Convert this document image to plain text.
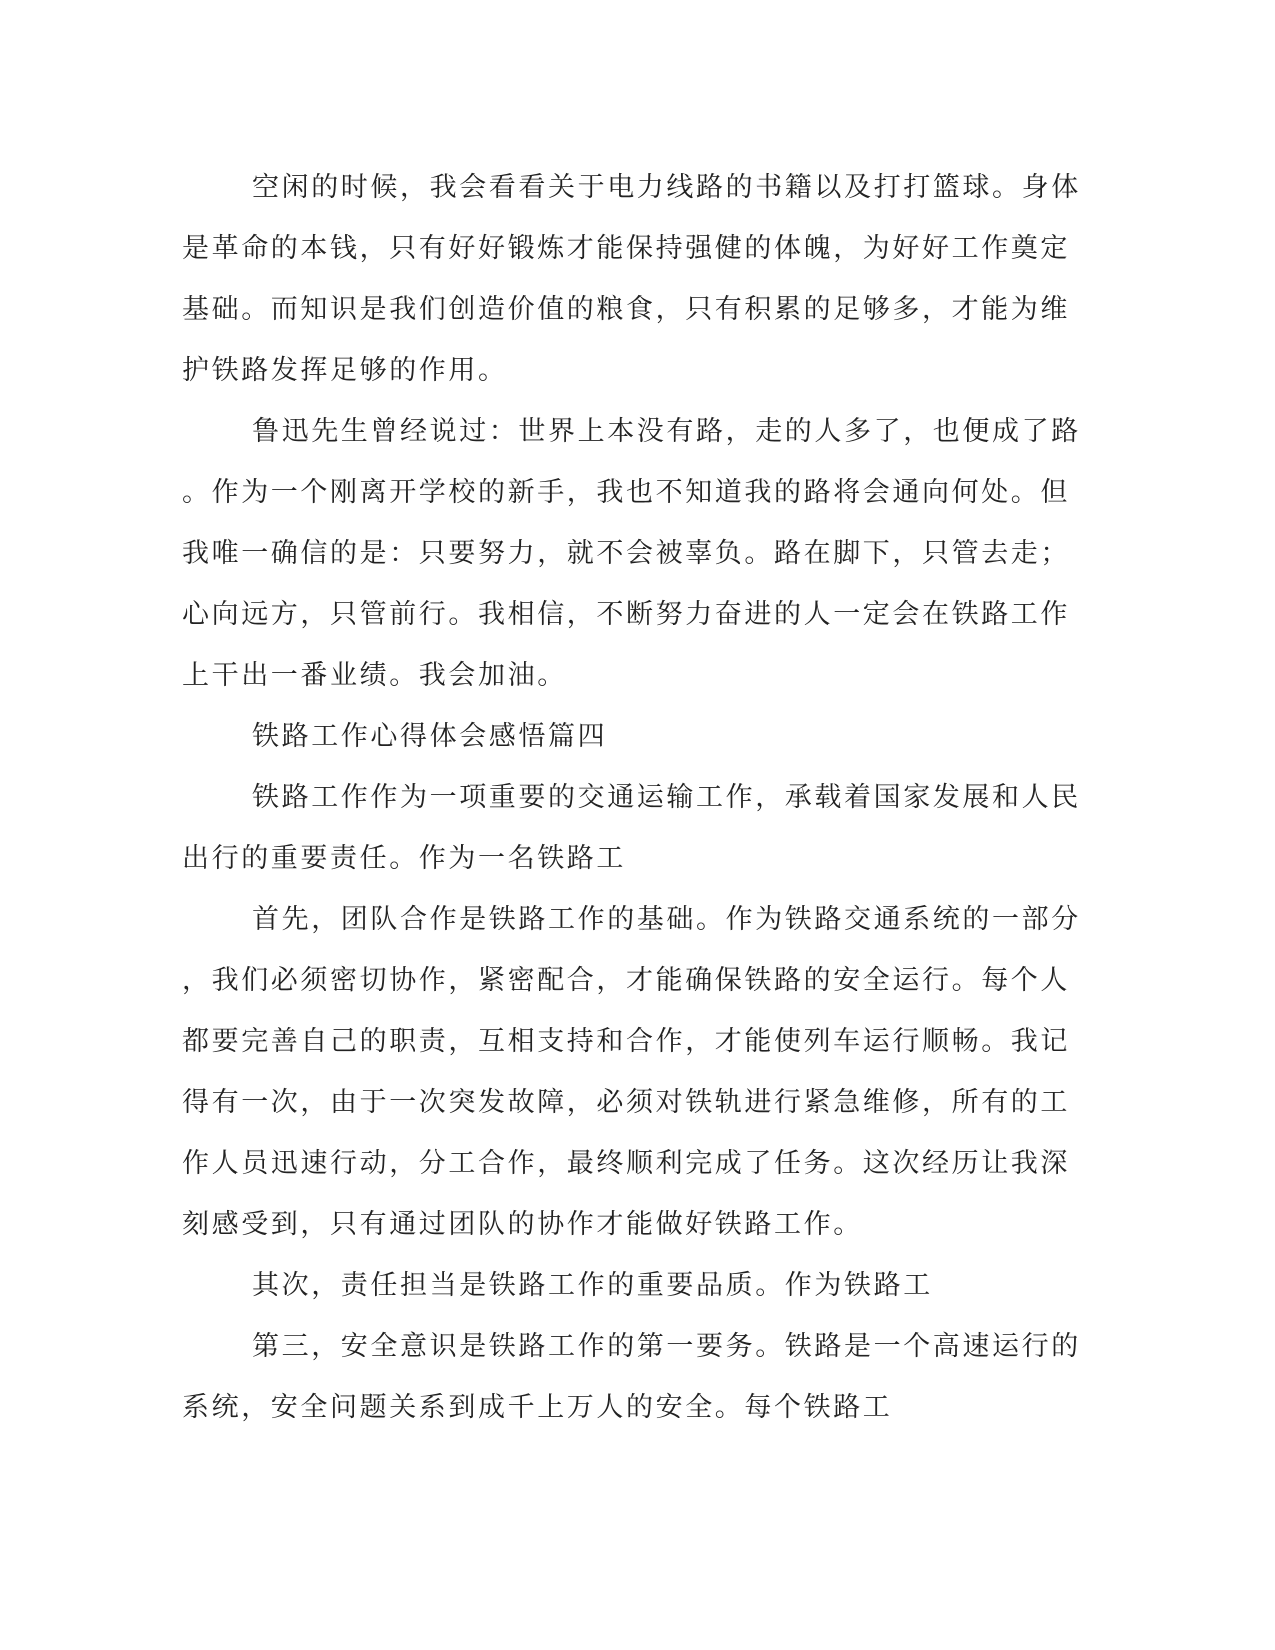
空闲的时候，我会看看关于电力线路的书籍以及打打篮球。身体
是革命的本钱，只有好好锻炼才能保持强健的体魄，为好好工作奠定
基础。而知识是我们创造价值的粮食，只有积累的足够多，才能为维
护铁路发挥足够的作用。
鲁迅先生曾经说过：世界上本没有路，走的人多了，也便成了路
。作为一个刚离开学校的新手，我也不知道我的路将会通向何处。但
我唯一确信的是：只要努力，就不会被辜负。路在脚下，只管去走；
心向远方，只管前行。我相信，不断努力奋进的人一定会在铁路工作
上干出一番业绩。我会加油。
铁路工作心得体会感悟篇四
铁路工作作为一项重要的交通运输工作，承载着国家发展和人民
出行的重要责任。作为一名铁路工
首先，团队合作是铁路工作的基础。作为铁路交通系统的一部分
，我们必须密切协作，紧密配合，才能确保铁路的安全运行。每个人
都要完善自己的职责，互相支持和合作，才能使列车运行顺畅。我记
得有一次，由于一次突发故障，必须对铁轨进行紧急维修，所有的工
作人员迅速行动，分工合作，最终顺利完成了任务。这次经历让我深
刻感受到，只有通过团队的协作才能做好铁路工作。
其次，责任担当是铁路工作的重要品质。作为铁路工
第三，安全意识是铁路工作的第一要务。铁路是一个高速运行的
系统，安全问题关系到成千上万人的安全。每个铁路工
